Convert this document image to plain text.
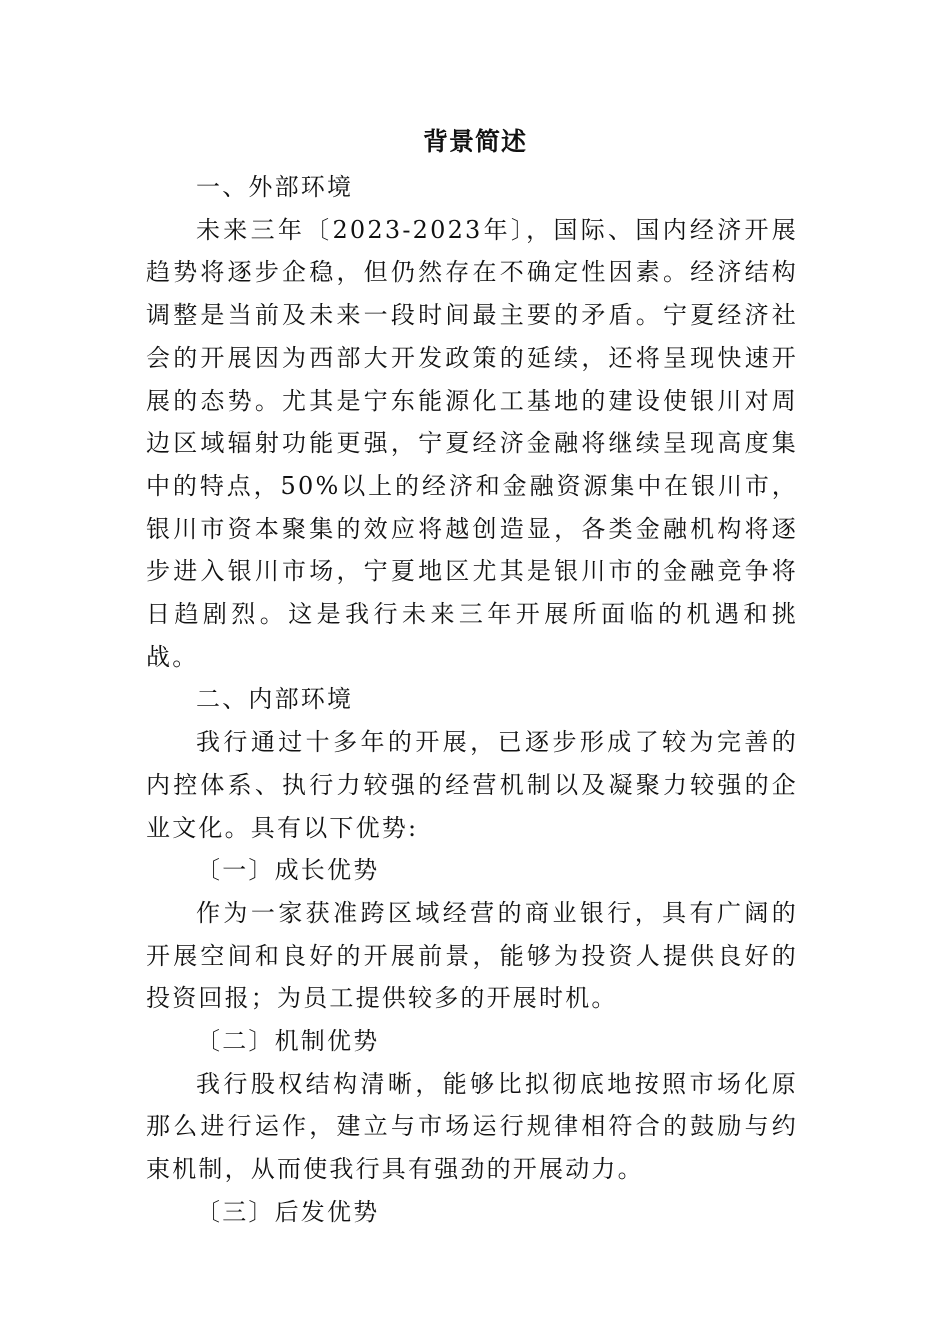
背景简述

一、外部环境

未来三年〔2023-2023年〕，国际、国内经济开展趋势将逐步企稳，但仍然存在不确定性因素。经济结构调整是当前及未来一段时间最主要的矛盾。宁夏经济社会的开展因为西部大开发政策的延续，还将呈现快速开展的态势。尤其是宁东能源化工基地的建设使银川对周边区域辐射功能更强，宁夏经济金融将继续呈现高度集中的特点，50%以上的经济和金融资源集中在银川市，银川市资本聚集的效应将越创造显，各类金融机构将逐步进入银川市场，宁夏地区尤其是银川市的金融竞争将日趋剧烈。这是我行未来三年开展所面临的机遇和挑战。

二、内部环境

我行通过十多年的开展，已逐步形成了较为完善的内控体系、执行力较强的经营机制以及凝聚力较强的企业文化。具有以下优势:

〔一〕成长优势

作为一家获准跨区域经营的商业银行，具有广阔的开展空间和良好的开展前景，能够为投资人提供良好的投资回报；为员工提供较多的开展时机。

〔二〕机制优势

我行股权结构清晰，能够比拟彻底地按照市场化原那么进行运作，建立与市场运行规律相符合的鼓励与约束机制，从而使我行具有强劲的开展动力。

〔三〕后发优势
